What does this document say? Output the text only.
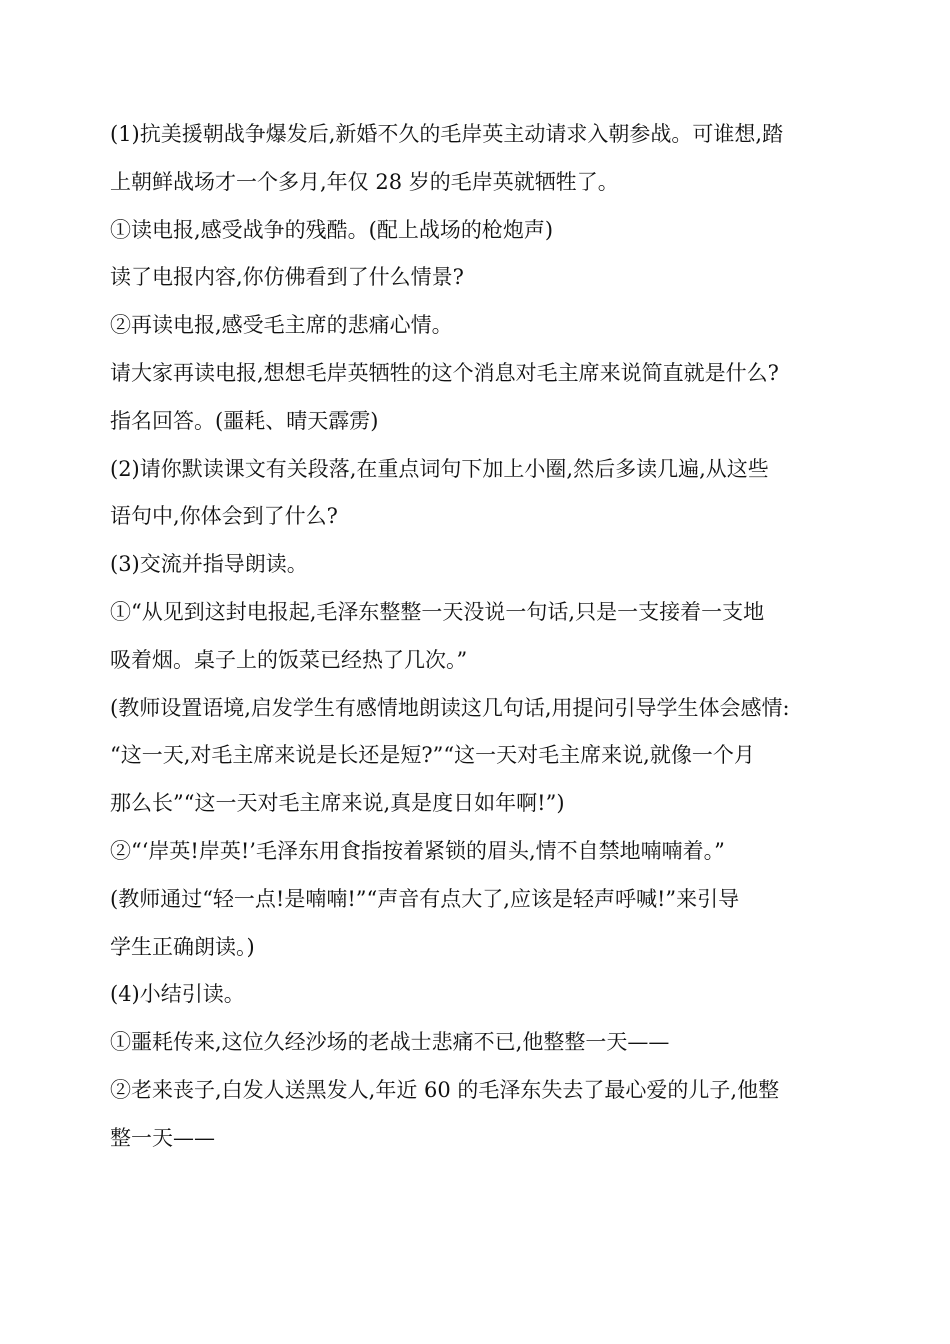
(1)抗美援朝战争爆发后,新婚不久的毛岸英主动请求入朝参战。可谁想,踏
上朝鲜战场才一个多月,年仅 28 岁的毛岸英就牺牲了。
①读电报,感受战争的残酷。(配上战场的枪炮声)
读了电报内容,你仿佛看到了什么情景?
②再读电报,感受毛主席的悲痛心情。
请大家再读电报,想想毛岸英牺牲的这个消息对毛主席来说简直就是什么?
指名回答。(噩耗、晴天霹雳)
(2)请你默读课文有关段落,在重点词句下加上小圈,然后多读几遍,从这些
语句中,你体会到了什么?
(3)交流并指导朗读。
①“从见到这封电报起,毛泽东整整一天没说一句话,只是一支接着一支地
吸着烟。桌子上的饭菜已经热了几次。”
(教师设置语境,启发学生有感情地朗读这几句话,用提问引导学生体会感情:
“这一天,对毛主席来说是长还是短?”“这一天对毛主席来说,就像一个月
那么长”“这一天对毛主席来说,真是度日如年啊!”)
②“‘岸英!岸英!’毛泽东用食指按着紧锁的眉头,情不自禁地喃喃着。”
(教师通过“轻一点!是喃喃!”“声音有点大了,应该是轻声呼喊!”来引导
学生正确朗读。)
(4)小结引读。
①噩耗传来,这位久经沙场的老战士悲痛不已,他整整一天——
②老来丧子,白发人送黑发人,年近 60 的毛泽东失去了最心爱的儿子,他整
整一天——
